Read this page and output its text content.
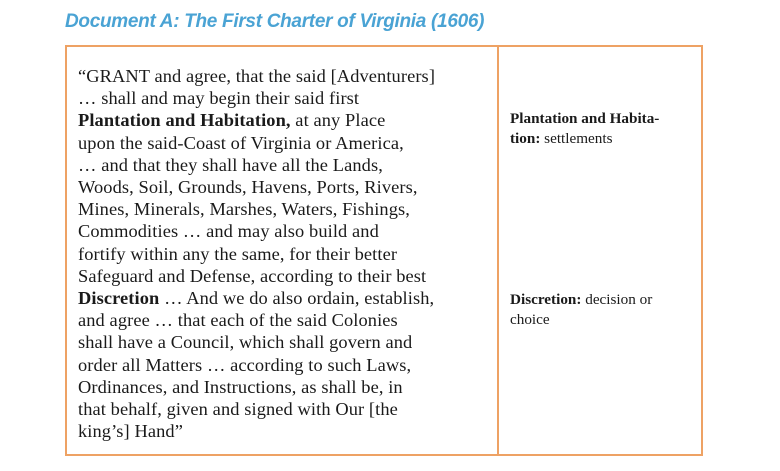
Document A: The First Charter of Virginia (1606)

“GRANT and agree, that the said [Adventurers]
… shall and may begin their said first
Plantation and Habitation, at any Place
upon the said-Coast of Virginia or America,
… and that they shall have all the Lands,
Woods, Soil, Grounds, Havens, Ports, Rivers,
Mines, Minerals, Marshes, Waters, Fishings,
Commodities … and may also build and
fortify within any the same, for their better
Safeguard and Defense, according to their best
Discretion … And we do also ordain, establish,
and agree … that each of the said Colonies
shall have a Council, which shall govern and
order all Matters … according to such Laws,
Ordinances, and Instructions, as shall be, in
that behalf, given and signed with Our [the
king’s] Hand”

Plantation and Habita-
tion: settlements

Discretion: decision or
choice
